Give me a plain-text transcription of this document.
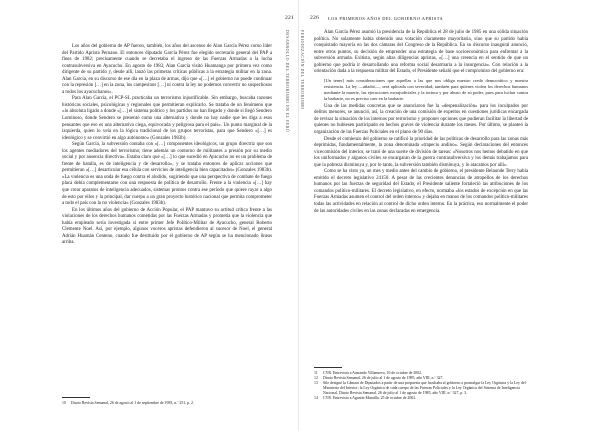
221
DESARROLLO DEL TERRORISMO EN EL PERÚ

Los años del gobierno de AP fueron, también, los años del ascenso de Alan García Pérez como líder del Partido Aprista Peruano. El entonces diputado García Pérez fue elegido secretario general del PAP a fines de 1982; precisamente cuando se decretaba el ingreso de las Fuerzas Armadas a la lucha contrasubversiva en Ayacucho. En agosto de 1983, Alan García visitó Huamanga por primera vez como dirigente de su partido y, desde allí, lanzó las primeras críticas públicas a la estrategia militar en la zona. Alan García, en su discurso de ese día en la plaza de armas, dijo que «[…] el gobierno no puede continuar con la represión […] en la zona, los campesinos […] ni contra la ley no podemos convertir no sospechosos a todos los ayacuchanos».

Para Alan García, el PCP-SL practicaba un terrorismo injustificable. Sin embargo, buscaba razones históricas sociales, psicológicas y regionales que permitieran explicarlo. Se trataba de un fenómeno que «lo absoluta ligado a donde «[…] el sistema político y los partidos no han llegado y donde si llegó Sendero Luminoso, donde Sendero se presentó como una alternativa y donde no hay nadie que les diga a esos pensantes que eso es una alternativa ciega, equivocada y peligrosa para el país». Un punto marginal de la izquierda, quien lo veía en la lógica tradicional de los grupos terroristas, para que Sendero «[…] es ideológico y se convirtió en algo autónomo» (Gonzales 1983b).

Según García, la subversión contaba con «[…] componentes ideológicos, un grupo directriz que son los agentes mediadores del terrorismo; tiene además un contorno de militantes a presión por su medio social y por ausencia directiva». Estaba claro que «[…] lo que sucedió en Ayacucho no es un problema de frente de batalla, es de inteligencia y de desarrollo», y se trataba entonces de aplicar acciones que permitieran «[…] desarticular esa célula con servicios de inteligencia bien capacitados» (Gonzales 1983b). «La violencia es una onda de fuego contra el aludido, sugiriendo que una perspectiva de combate de fuego placa debía complementarse con una respuesta de política de desarrollo. Frente a la violencia «[…] hay que crear aparatos de inteligencia adecuados, sistemas prontos contra ese período que quiere rayar a algo de esto por ellos y la principal, dar cuerpo a un gran proyecto histórico nacional que permita comprometer a todo el país con la no violencia» (Gonzales 1983b).

En los últimos años del gobierno de Acción Popular, el PAP mantuvo su actitud crítica frente a las violaciones de los derechos humanos cometidas por las Fuerzas Armadas y prometía que la violencia que había empleado sería investigada si entre primer Jefe Político-Militar de Ayacucho, general Roberto Clemente Noel. Así, por ejemplo, algunos voceros apristas defendieron al sucesor de Noel, el general Adrián Huamán Centeno, cuando fue destituido por el gobierno de AP según se ha mencionado líneas arriba.

10 Diario Revista Semanal, 26 de agosto al 1 de septiembre de 1983, n.º 251, p. 2.

226 LOS PRIMEROS AÑOS DEL GOBIERNO APRISTA
PERIODIZACIÓN DEL TERRORISMO	Alan García Pérez asumió la presidencia de la República el 28 de julio de 1985 en una sólida situación política. No solamente había obtenido una votación claramente mayoritaria, sino que su partido había conquistado mayoría en las dos cámaras del Congreso de la República. En su discurso inaugural anunció, entre otros puntos, su decisión de emprender una estrategia de base socioeconómica para enfrentar a la subversión armada. Exitista, según altas diligencias apristas, «[…] una creencia en el sentido de que un gobierno que podría ir desarrollando una reforma social desarmaría a la insurgencia». Con relación a la orientación dada a la respuesta militar del Estado, el Presidente señaló que el compromiso del gobierno era:

[Un tener] más consideraciones que aquellas a las que nos obliga nuestro credo democrático y nuestra resistencia. La ley —añadió—, será aplicada con severidad; también para quienes violen los derechos humanos mediante la muerte, las ejecuciones extrajudiciales y la tortura y por abuso de su poder, pues para luchar contra la barbarie, no es preciso caer en la barbarie.

Una de las medidas concretas que se anunciaron fue la «despenalización» para los inculpados por delitos menores, se anunció, así, la creación de una comisión de expertos en cuestiones jurídicas encargada de revisar la situación de los internos por terrorismo y proponer opciones que pudieran facilitar la libertad de quienes no hubiesen participado en hechos graves de violencia durante los meses. Por último, se planteó la organización de las Fuerzas Policiales en el plano de 90 días.

Desde el comienzo del gobierno se ratificó la prioridad de las políticas de desarrollo para las zonas más deprimidas, fundamentalmente, la zona denominada «trapecio andino». Según declaraciones del entonces vicecomisión del interior, se trató de una suerte de división de tareas: «Nosotros nos hemos debatido en que los uniformados y algunos civiles se encargaran de la guerra contrasubversiva y los demás trabajamos para que la pobreza disminuya y, por lo tanto, la subversión también disminuya, y lo atacamos por allí».

Como se ha visto ya, un mes y medio antes del cambio de gobierno, el presidente Belaunde Terry había emitido el decreto legislativo 24150. A pesar de las crecientes denuncias de atropellos de los derechos humanos por las fuerzas de seguridad del Estado, el Presidente saliente fortaleció las atribuciones de los comandos político-militares. El decreto legislativo, en efecto, normaba «los estados de excepción en que las Fuerzas Armadas asumen el control del orden interno» y dejaba en manos de los comandos político-militares todas las actividades en relación al control de dicho orden interno. En la práctica, eso normalmente el poder de las autoridades civiles en las zonas declaradas en emergencia.

11 CVR. Entrevista a Armando Villanueva, 16 de octubre de 2002.

12 Diario Revista Semanal, 26 de julio al 1 de agosto de 1985, año VIII, n.º 327.

13 Sile designó la Cámara de Diputados a partir de una propuesta que facultaba al gobierno a promulgar la Ley Orgánica y la Ley del Ministerio del Interior; la Ley Orgánica de cada cuerpo de las Fuerzas Policiales y la Ley Orgánica del Sistema de Inteligencia Nacional. Diario Revista Semanal, 26 de julio al 1 de agosto de 1985, año VIII, n.º 327, p. 3.

14 CVR. Entrevista a Agustín Mantilla, 25 de octubre de 2002.
